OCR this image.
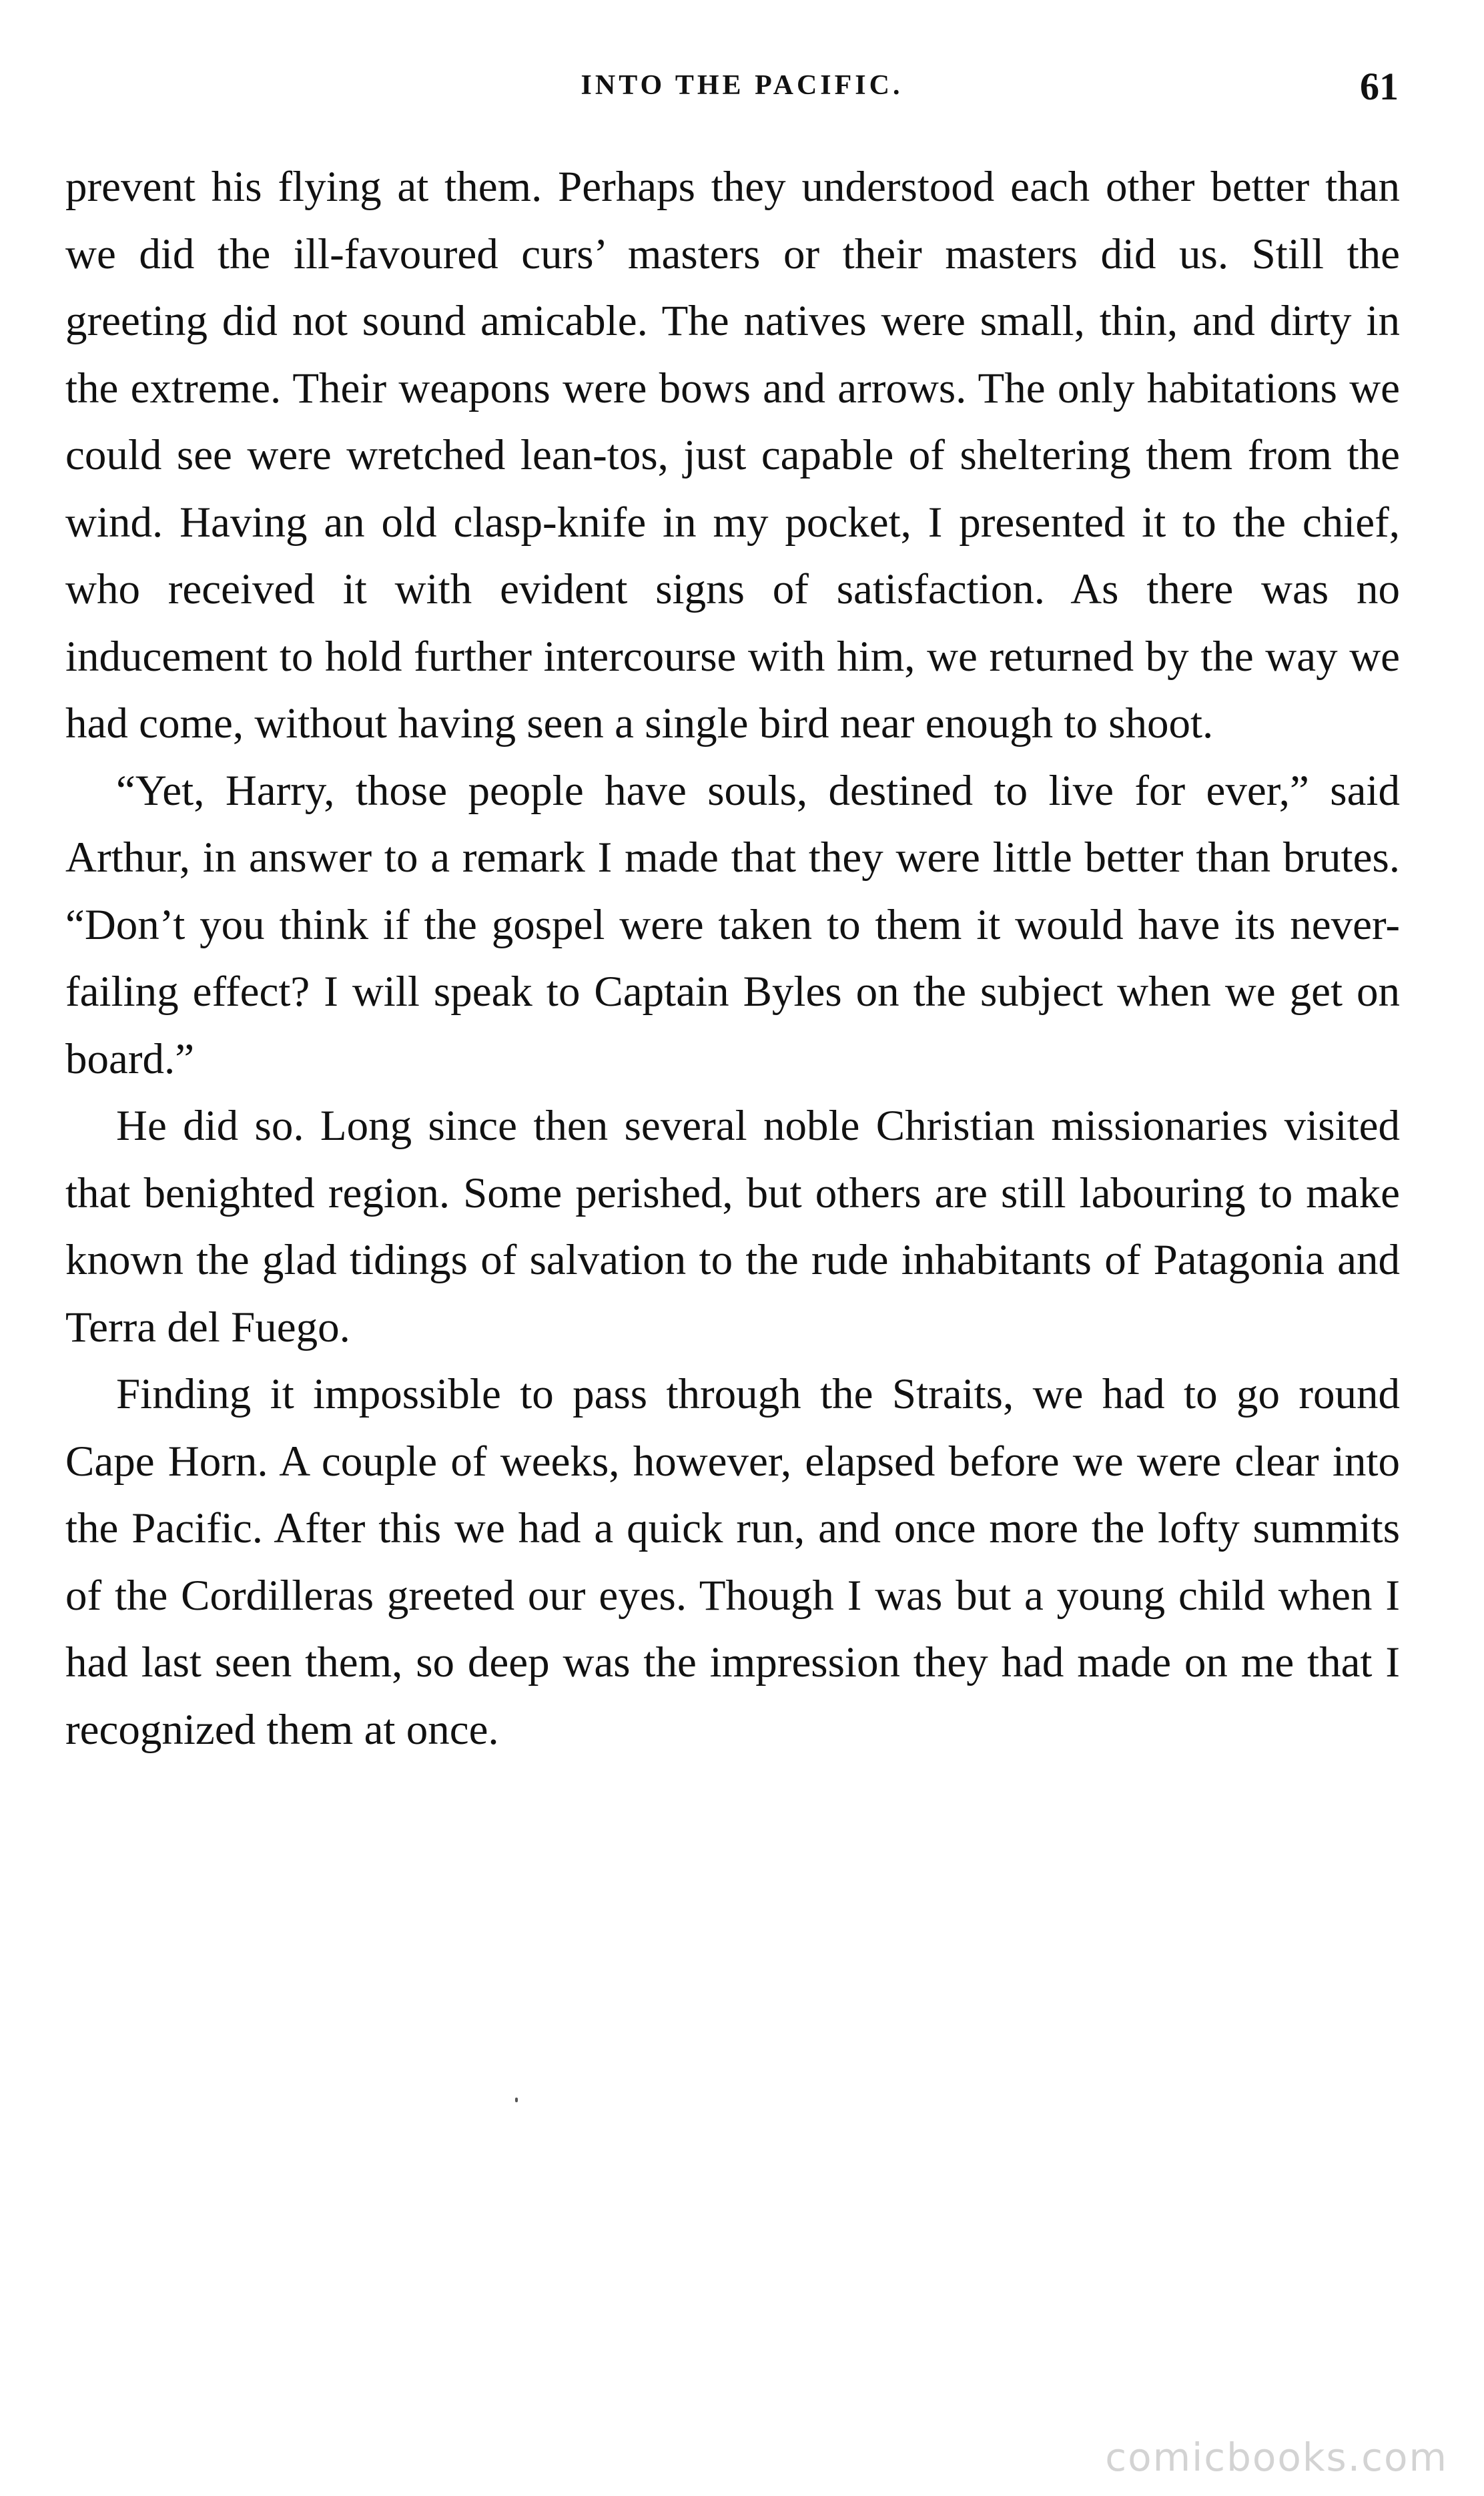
INTO THE PACIFIC.	61

prevent his flying at them. Perhaps they understood each other better than we did the ill-favoured curs’ masters or their masters did us. Still the greeting did not sound amicable. The natives were small, thin, and dirty in the extreme. Their weapons were bows and arrows. The only habitations we could see were wretched lean-tos, just capable of sheltering them from the wind. Having an old clasp-knife in my pocket, I presented it to the chief, who received it with evident signs of satisfaction. As there was no inducement to hold further intercourse with him, we returned by the way we had come, without having seen a single bird near enough to shoot.

“Yet, Harry, those people have souls, destined to live for ever,” said Arthur, in answer to a remark I made that they were little better than brutes. “Don’t you think if the gospel were taken to them it would have its never-failing effect? I will speak to Captain Byles on the subject when we get on board.”

He did so. Long since then several noble Christian missionaries visited that benighted region. Some perished, but others are still labouring to make known the glad tidings of salvation to the rude inhabitants of Patagonia and Terra del Fuego.

Finding it impossible to pass through the Straits, we had to go round Cape Horn. A couple of weeks, however, elapsed before we were clear into the Pacific. After this we had a quick run, and once more the lofty summits of the Cordilleras greeted our eyes. Though I was but a young child when I had last seen them, so deep was the impression they had made on me that I recognized them at once.

comicbooks.com
